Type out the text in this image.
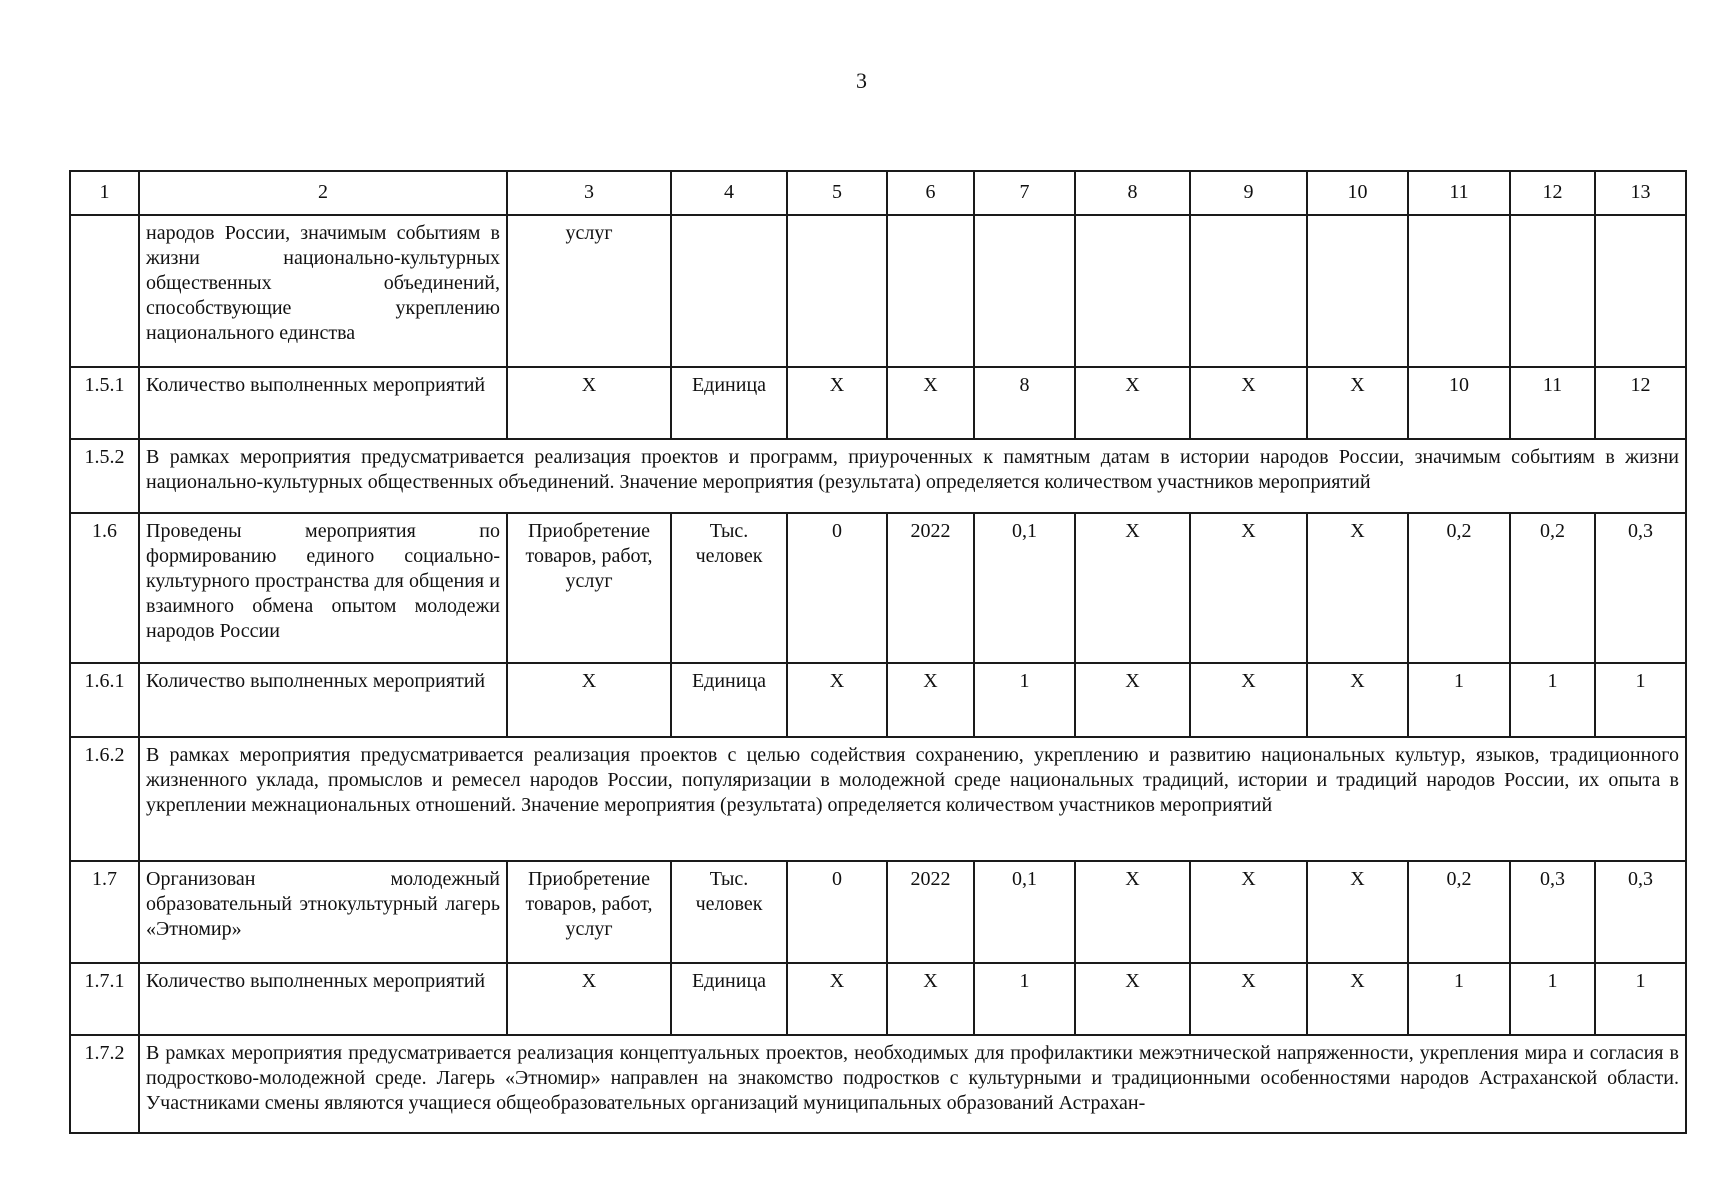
3
1	2	3	4	5	6	7	8	9	10	11	12	13
	народов России, значимым событиям в жизни национально-культурных общественных объединений, способствующие укреплению национального единства	услуг										
1.5.1	Количество выполненных мероприятий	X	Единица	X	X	8	X	X	X	10	11	12
1.5.2	В рамках мероприятия предусматривается реализация проектов и программ, приуроченных к памятным датам в истории народов России, значимым событиям в жизни национально-культурных общественных объединений. Значение мероприятия (результата) определяется количеством участников мероприятий											
1.6	Проведены мероприятия по формированию единого социально-культурного пространства для общения и взаимного обмена опытом молодежи народов России	Приобретение товаров, работ, услуг	Тыс. человек	0	2022	0,1	X	X	X	0,2	0,2	0,3
1.6.1	Количество выполненных мероприятий	X	Единица	X	X	1	X	X	X	1	1	1
1.6.2	В рамках мероприятия предусматривается реализация проектов с целью содействия сохранению, укреплению и развитию национальных культур, языков, традиционного жизненного уклада, промыслов и ремесел народов России, популяризации в молодежной среде национальных традиций, истории и традиций народов России, их опыта в укреплении межнациональных отношений. Значение мероприятия (результата) определяется количеством участников мероприятий											
1.7	Организован молодежный образовательный этнокультурный лагерь «Этномир»	Приобретение товаров, работ, услуг	Тыс. человек	0	2022	0,1	X	X	X	0,2	0,3	0,3
1.7.1	Количество выполненных мероприятий	X	Единица	X	X	1	X	X	X	1	1	1
1.7.2	В рамках мероприятия предусматривается реализация концептуальных проектов, необходимых для профилактики межэтнической напряженности, укрепления мира и согласия в подростково-молодежной среде. Лагерь «Этномир» направлен на знакомство подростков с культурными и традиционными особенностями народов Астраханской области. Участниками смены являются учащиеся общеобразовательных организаций муниципальных образований Астрахан-											
